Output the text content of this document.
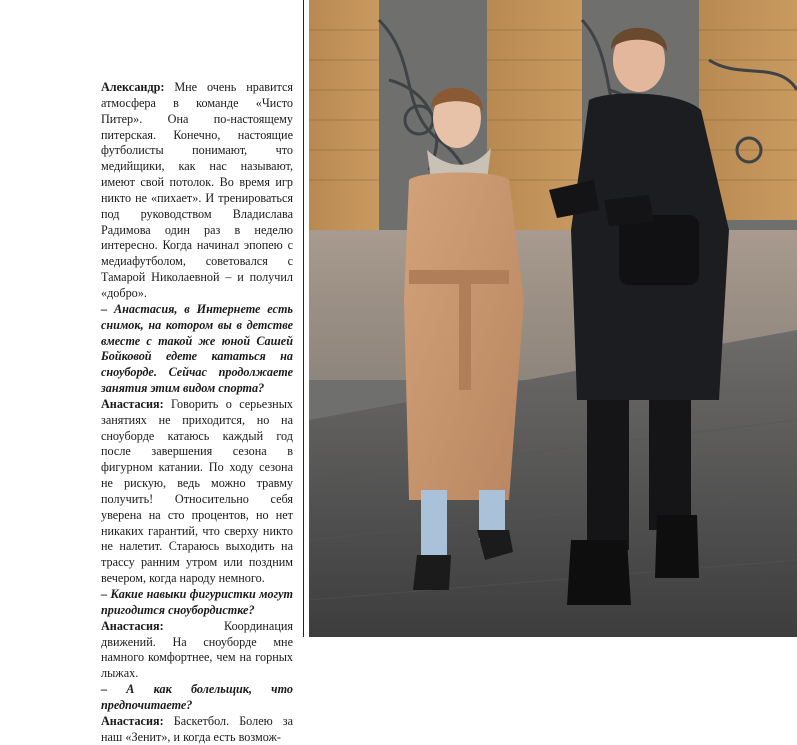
Александр: Мне очень нравится атмосфера в команде «Чисто Питер». Она по-настоящему питерская. Конечно, настоящие футболисты понимают, что медийщики, как нас называют, имеют свой потолок. Во время игр никто не «пихает». И тренироваться под руководством Владислава Радимова один раз в неделю интересно. Когда начинал эпопею с медиафутболом, советовался с Тамарой Николаевной – и получил «добро».

– Анастасия, в Интернете есть снимок, на котором вы в детстве вместе с такой же юной Сашей Бойковой едете кататься на сноуборде. Сейчас продолжаете занятия этим видом спорта?

Анастасия: Говорить о серьезных занятиях не приходится, но на сноуборде катаюсь каждый год после завершения сезона в фигурном катании. По ходу сезона не рискую, ведь можно травму получить! Относительно себя уверена на сто процентов, но нет никаких гарантий, что сверху никто не налетит. Стараюсь выходить на трассу ранним утром или поздним вечером, когда народу немного.

– Какие навыки фигуристки могут пригодится сноубордистке?

Анастасия: Координация движений. На сноуборде мне намного комфортнее, чем на горных лыжах.

– А как болельщик, что предпочитаете?

Анастасия: Баскетбол. Болею за наш «Зенит», и когда есть возмож-
